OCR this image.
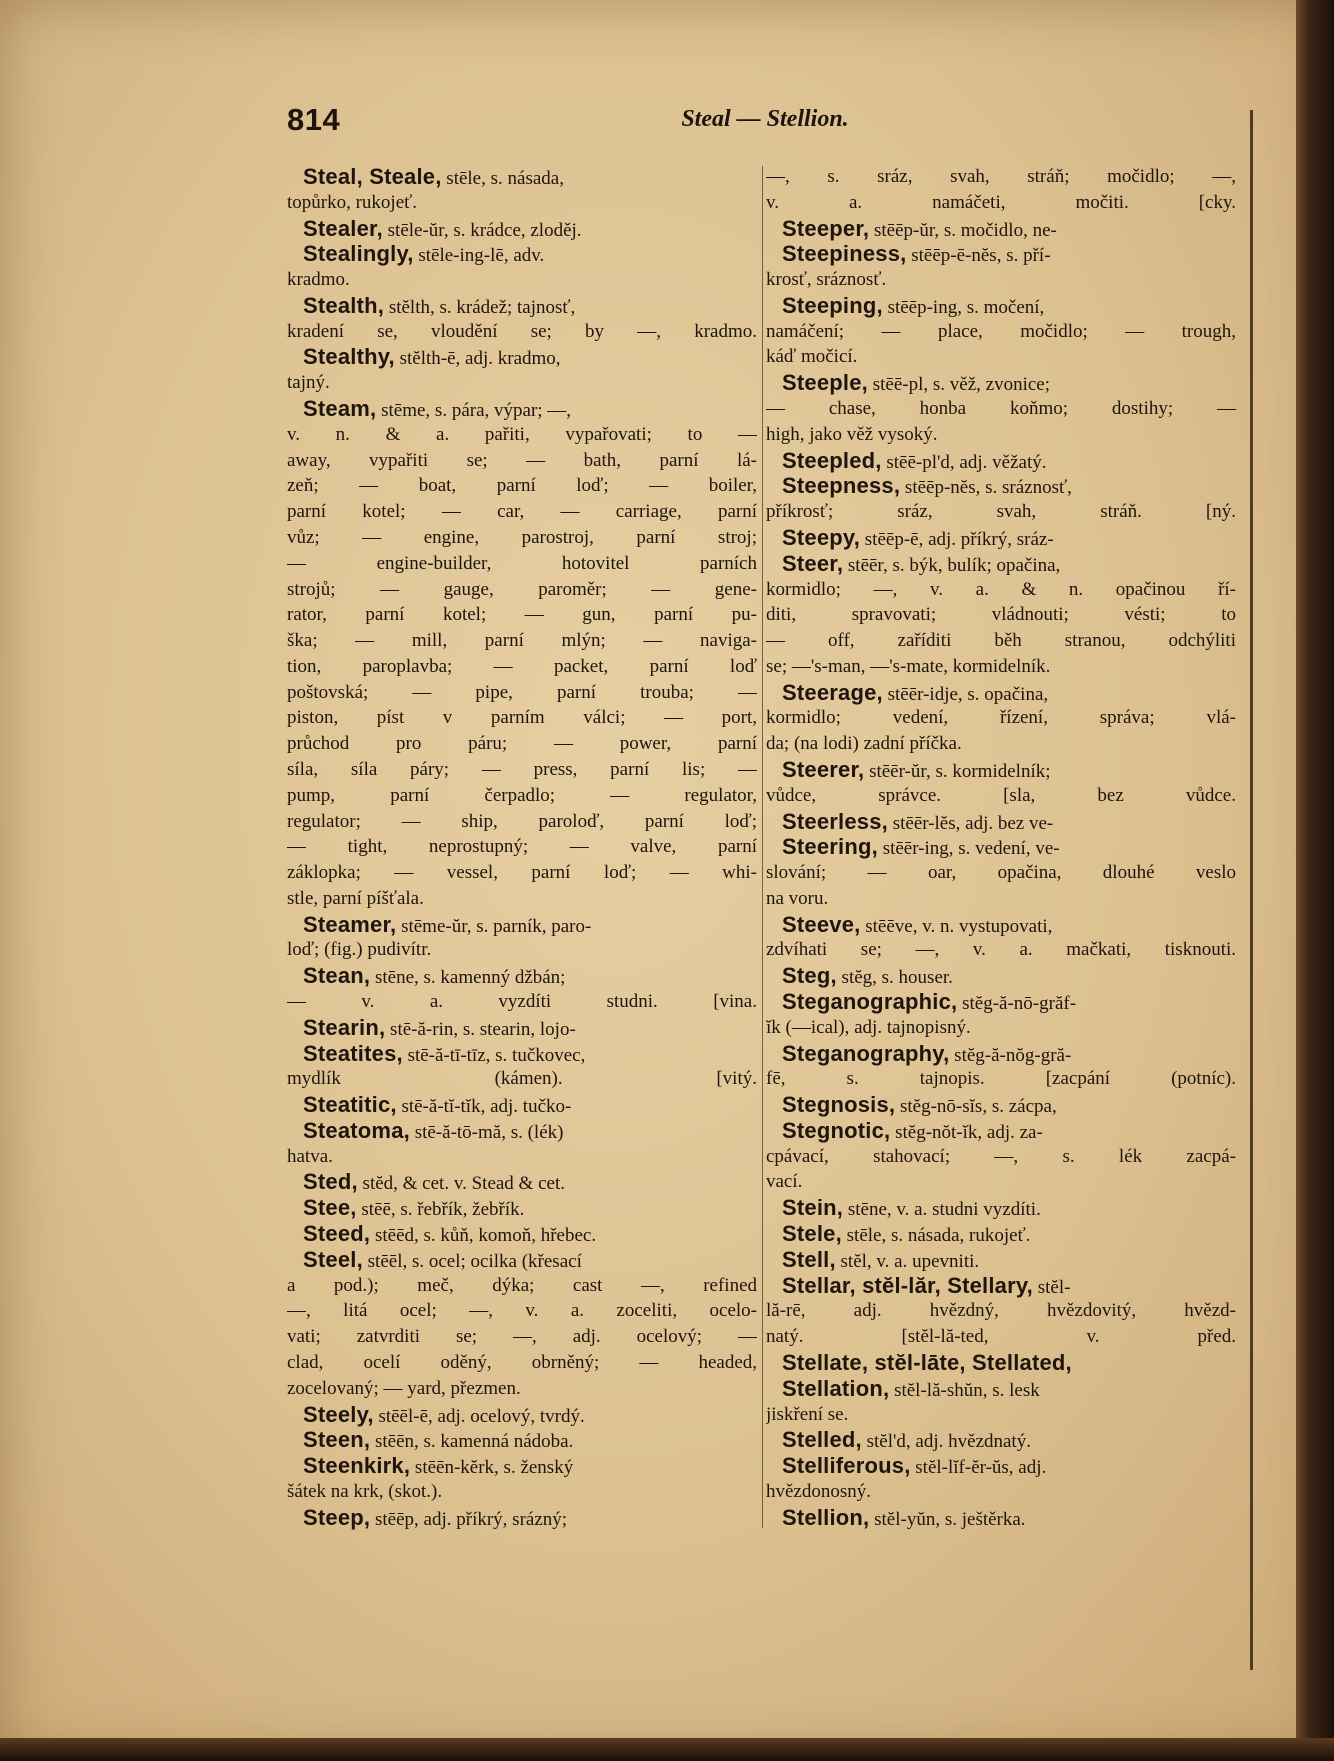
814	Steal — Stellion.

Steal, Steale, stēle, s. násada,
topůrko, rukojeť.
Stealer, stēle-ŭr, s. krádce, zloděj.
Stealingly, stēle-ing-lē, adv.
kradmo.
Stealth, stĕlth, s. krádež; tajnosť,
kradení se, vloudění se; by —, kradmo.
Stealthy, stĕlth-ē, adj. kradmo,
tajný.
Steam, stēme, s. pára, výpar; —,
v. n. & a. pařiti, vypařovati; to —
away, vypařiti se; — bath, parní lá-
zeň; — boat, parní loď; — boiler,
parní kotel; — car, — carriage, parní
vůz; — engine, parostroj, parní stroj;
— engine-builder, hotovitel parních
strojů; — gauge, paroměr; — gene-
rator, parní kotel; — gun, parní pu-
ška; — mill, parní mlýn; — naviga-
tion, paroplavba; — packet, parní loď
poštovská; — pipe, parní trouba; —
piston, píst v parním válci; — port,
průchod pro páru; — power, parní
síla, síla páry; — press, parní lis; —
pump, parní čerpadlo; — regulator,
regulator; — ship, paroloď, parní loď;
— tight, neprostupný; — valve, parní
záklopka; — vessel, parní loď; — whi-
stle, parní píšťala.
Steamer, stēme-ŭr, s. parník, paro-
loď; (fig.) pudivítr.
Stean, stēne, s. kamenný džbán;
— v. a. vyzdíti studni. [vina.
Stearin, stē-ă-rin, s. stearin, lojo-
Steatites, stē-ă-tī-tīz, s. tučkovec,
mydlík (kámen). [vitý.
Steatitic, stē-ă-tĭ-tĭk, adj. tučko-
Steatoma, stē-ă-tō-mă, s. (lék)
hatva.
Sted, stĕd, & cet. v. Stead & cet.
Stee, stēē, s. řebřík, žebřík.
Steed, stēēd, s. kůň, komoň, hřebec.
Steel, stēēl, s. ocel; ocilka (křesací
a pod.); meč, dýka; cast —, refined
—, litá ocel; —, v. a. zoceliti, ocelo-
vati; zatvrditi se; —, adj. ocelový; —
clad, ocelí oděný, obrněný; — headed,
zocelovaný; — yard, přezmen.
Steely, stēēl-ē, adj. ocelový, tvrdý.
Steen, stēēn, s. kamenná nádoba.
Steenkirk, stēēn-kĕrk, s. ženský
šátek na krk, (skot.).
Steep, stēēp, adj. příkrý, srázný;
—, s. sráz, svah, stráň; močidlo; —,
v. a. namáčeti, močiti. [cky.
Steeper, stēēp-ŭr, s. močidlo, ne-
Steepiness, stēēp-ē-nĕs, s. pří-
krosť, sráznosť.
Steeping, stēēp-ing, s. močení,
namáčení; — place, močidlo; — trough,
káď močicí.
Steeple, stēē-pl, s. věž, zvonice;
— chase, honba koňmo; dostihy; —
high, jako věž vysoký.
Steepled, stēē-pl'd, adj. věžatý.
Steepness, stēēp-nĕs, s. sráznosť,
příkrosť; sráz, svah, stráň. [ný.
Steepy, stēēp-ē, adj. příkrý, sráz-
Steer, stēēr, s. býk, bulík; opačina,
kormidlo; —, v. a. & n. opačinou ří-
diti, spravovati; vládnouti; vésti; to
— off, zaříditi běh stranou, odchýliti
se; —'s-man, —'s-mate, kormidelník.
Steerage, stēēr-idje, s. opačina,
kormidlo; vedení, řízení, správa; vlá-
da; (na lodi) zadní příčka.
Steerer, stēēr-ŭr, s. kormidelník;
vůdce, správce. [sla, bez vůdce.
Steerless, stēēr-lĕs, adj. bez ve-
Steering, stēēr-ing, s. vedení, ve-
slování; — oar, opačina, dlouhé veslo
na voru.
Steeve, stēēve, v. n. vystupovati,
zdvíhati se; —, v. a. mačkati, tisknouti.
Steg, stĕg, s. houser.
Steganographic, stĕg-ă-nō-grăf-
ĭk (—ical), adj. tajnopisný.
Steganography, stĕg-ă-nŏg-gră-
fē, s. tajnopis. [zacpání (potníc).
Stegnosis, stĕg-nō-sĭs, s. zácpa,
Stegnotic, stĕg-nŏt-ĭk, adj. za-
cpávací, stahovací; —, s. lék zacpá-
vací.
Stein, stēne, v. a. studni vyzdíti.
Stele, stēle, s. násada, rukojeť.
Stell, stĕl, v. a. upevniti.
Stellar, stĕl-lăr, Stellary, stĕl-
lă-rē, adj. hvězdný, hvězdovitý, hvězd-
natý. [stĕl-lă-ted, v. před.
Stellate, stĕl-lāte, Stellated,
Stellation, stĕl-lă-shŭn, s. lesk
jiskření se.
Stelled, stĕl'd, adj. hvězdnatý.
Stelliferous, stĕl-lĭf-ĕr-ŭs, adj.
hvězdonosný.
Stellion, stĕl-yŭn, s. ještěrka.
